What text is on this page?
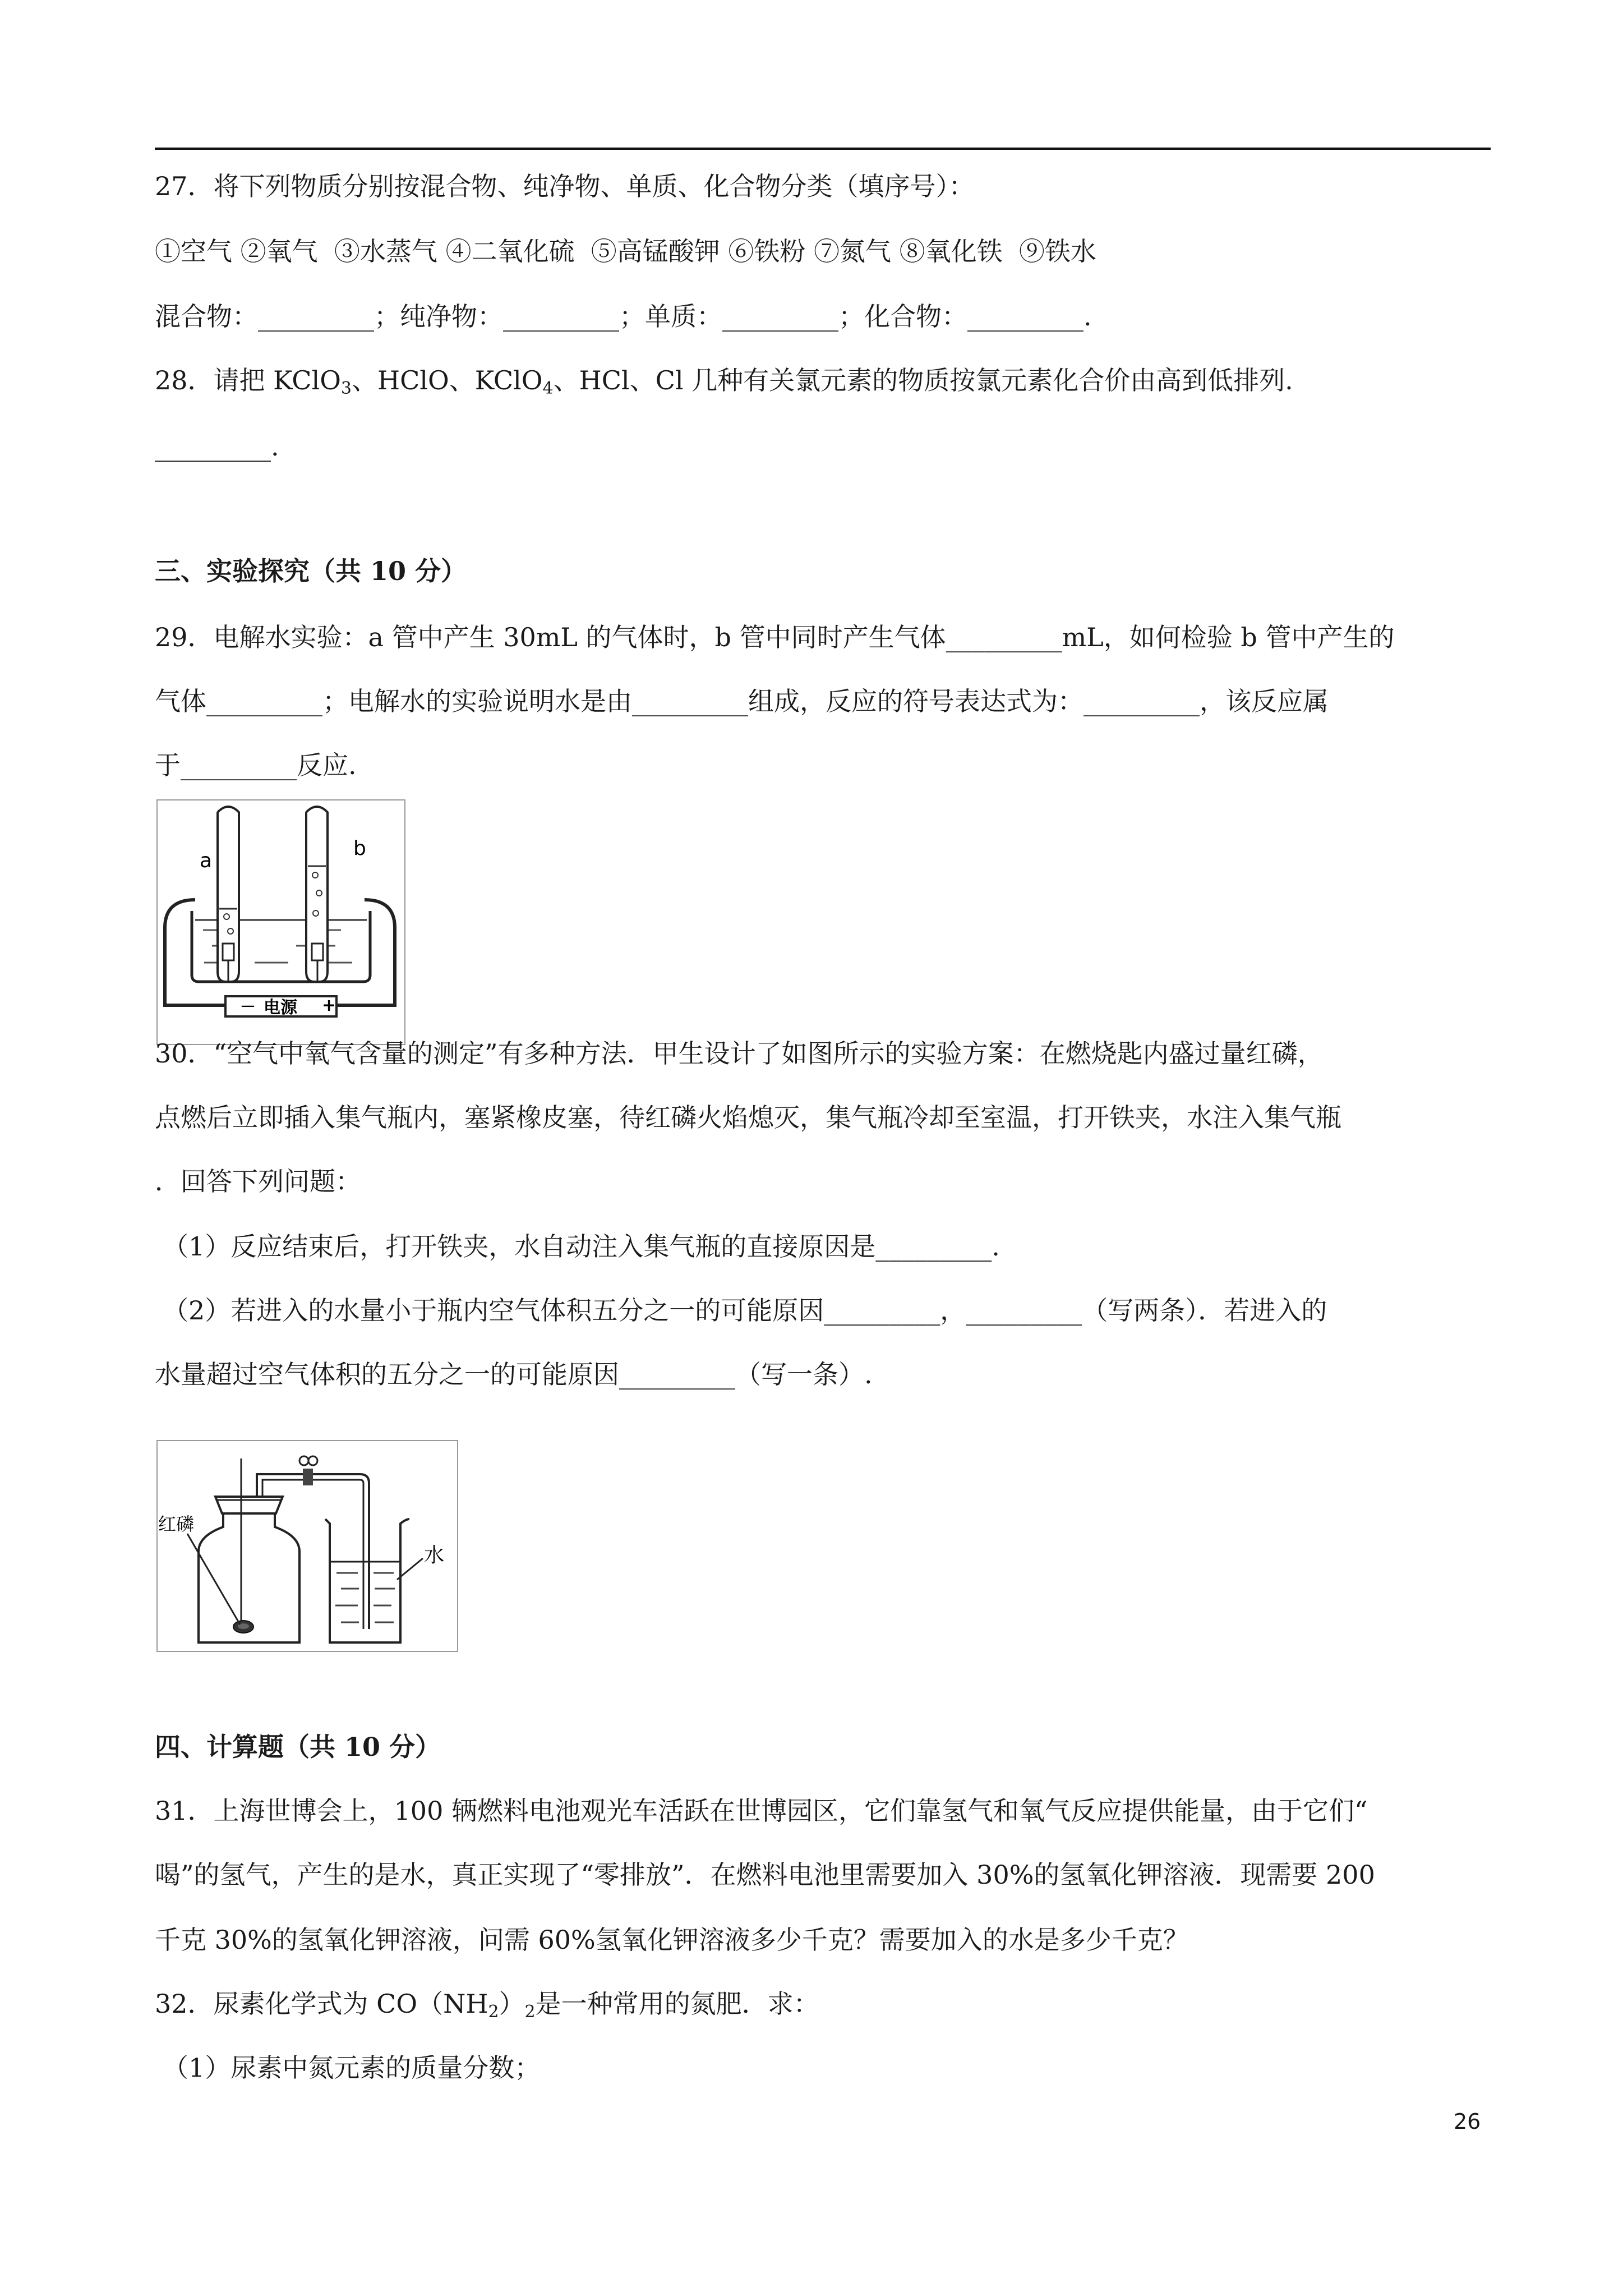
27．将下列物质分别按混合物、纯净物、单质、化合物分类（填序号）：
①空气 ②氧气  ③水蒸气 ④二氧化硫  ⑤高锰酸钾 ⑥铁粉 ⑦氮气 ⑧氧化铁  ⑨铁水
混合物：_________；纯净物：_________；单质：_________；化合物：_________.
28．请把 KClO$_3$、HClO、KClO$_4$、HCl、Cl 几种有关氯元素的物质按氯元素化合价由高到低排列.
_________.
三、实验探究（共 10 分）
29．电解水实验：a 管中产生 30mL 的气体时，b 管中同时产生气体_________mL，如何检验 b 管中产生的
气体_________；电解水的实验说明水是由_________组成，反应的符号表达式为：_________，该反应属
于_________反应.
a
b
－ 电源 +
30．“空气中氧气含量的测定”有多种方法．甲生设计了如图所示的实验方案：在燃烧匙内盛过量红磷，
点燃后立即插入集气瓶内，塞紧橡皮塞，待红磷火焰熄灭，集气瓶冷却至室温，打开铁夹，水注入集气瓶
．回答下列问题：
（1）反应结束后，打开铁夹，水自动注入集气瓶的直接原因是_________.
（2）若进入的水量小于瓶内空气体积五分之一的可能原因_________，_________（写两条）．若进入的
水量超过空气体积的五分之一的可能原因_________（写一条）.
红磷
水
四、计算题（共 10 分）
31．上海世博会上，100 辆燃料电池观光车活跃在世博园区，它们靠氢气和氧气反应提供能量，由于它们“
喝”的氢气，产生的是水，真正实现了“零排放”．在燃料电池里需要加入 30%的氢氧化钾溶液．现需要 200
千克 30%的氢氧化钾溶液，问需 60%氢氧化钾溶液多少千克？需要加入的水是多少千克？
32．尿素化学式为 $CO(NH_2)_2$是一种常用的氮肥．求：
（1）尿素中氮元素的质量分数；
26
